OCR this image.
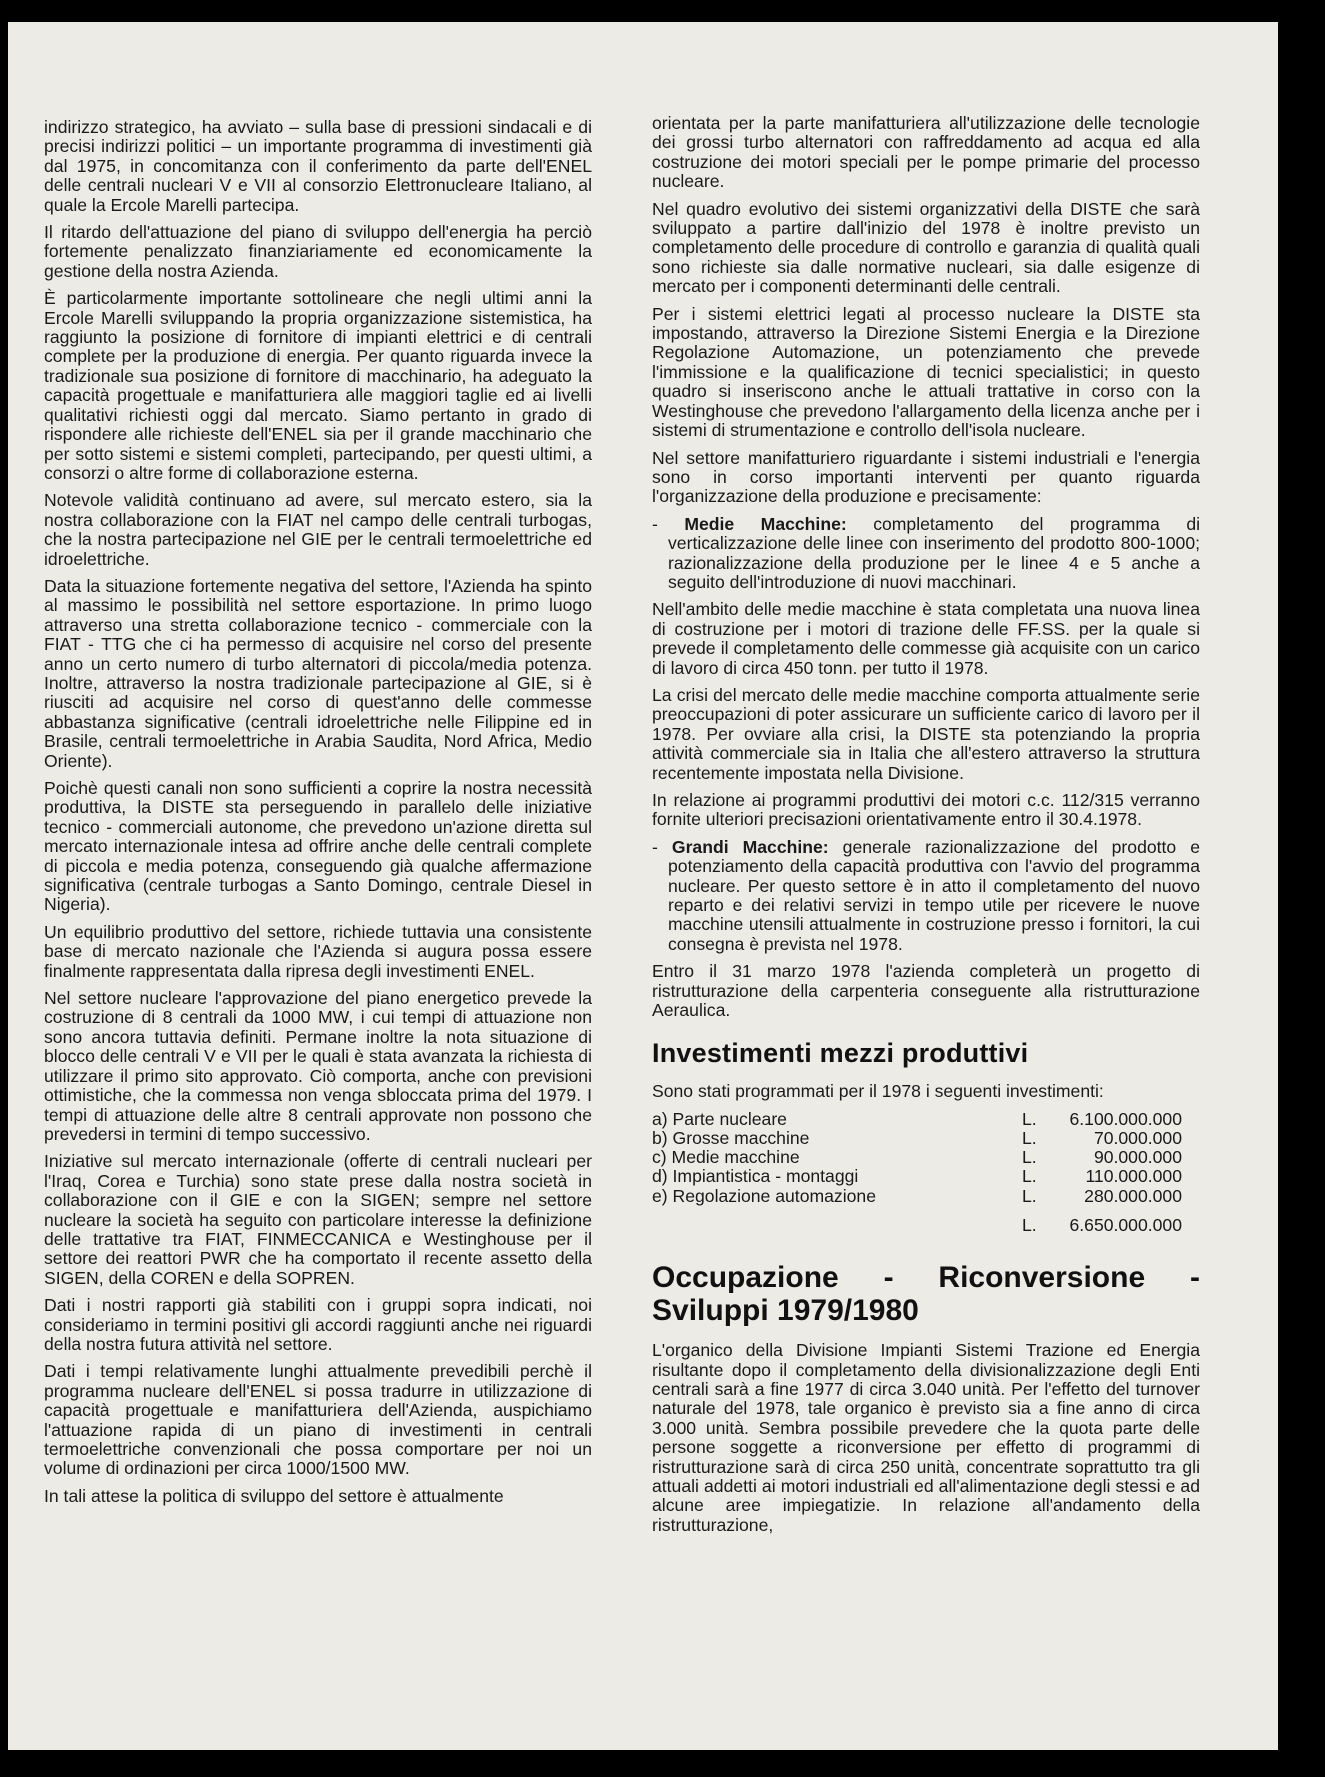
indirizzo strategico, ha avviato – sulla base di pressioni sindacali e di precisi indirizzi politici – un importante programma di investimenti già dal 1975, in concomitanza con il conferimento da parte dell'ENEL delle centrali nucleari V e VII al consorzio Elettronucleare Italiano, al quale la Ercole Marelli partecipa.

Il ritardo dell'attuazione del piano di sviluppo dell'energia ha perciò fortemente penalizzato finanziariamente ed economicamente la gestione della nostra Azienda.

È particolarmente importante sottolineare che negli ultimi anni la Ercole Marelli sviluppando la propria organizzazione sistemistica, ha raggiunto la posizione di fornitore di impianti elettrici e di centrali complete per la produzione di energia. Per quanto riguarda invece la tradizionale sua posizione di fornitore di macchinario, ha adeguato la capacità progettuale e manifatturiera alle maggiori taglie ed ai livelli qualitativi richiesti oggi dal mercato. Siamo pertanto in grado di rispondere alle richieste dell'ENEL sia per il grande macchinario che per sotto sistemi e sistemi completi, partecipando, per questi ultimi, a consorzi o altre forme di collaborazione esterna.

Notevole validità continuano ad avere, sul mercato estero, sia la nostra collaborazione con la FIAT nel campo delle centrali turbogas, che la nostra partecipazione nel GIE per le centrali termoelettriche ed idroelettriche.

Data la situazione fortemente negativa del settore, l'Azienda ha spinto al massimo le possibilità nel settore esportazione. In primo luogo attraverso una stretta collaborazione tecnico - commerciale con la FIAT - TTG che ci ha permesso di acquisire nel corso del presente anno un certo numero di turbo alternatori di piccola/media potenza. Inoltre, attraverso la nostra tradizionale partecipazione al GIE, si è riusciti ad acquisire nel corso di quest'anno delle commesse abbastanza significative (centrali idroelettriche nelle Filippine ed in Brasile, centrali termoelettriche in Arabia Saudita, Nord Africa, Medio Oriente).

Poichè questi canali non sono sufficienti a coprire la nostra necessità produttiva, la DISTE sta perseguendo in parallelo delle iniziative tecnico - commerciali autonome, che prevedono un'azione diretta sul mercato internazionale intesa ad offrire anche delle centrali complete di piccola e media potenza, conseguendo già qualche affermazione significativa (centrale turbogas a Santo Domingo, centrale Diesel in Nigeria).

Un equilibrio produttivo del settore, richiede tuttavia una consistente base di mercato nazionale che l'Azienda si augura possa essere finalmente rappresentata dalla ripresa degli investimenti ENEL.

Nel settore nucleare l'approvazione del piano energetico prevede la costruzione di 8 centrali da 1000 MW, i cui tempi di attuazione non sono ancora tuttavia definiti. Permane inoltre la nota situazione di blocco delle centrali V e VII per le quali è stata avanzata la richiesta di utilizzare il primo sito approvato. Ciò comporta, anche con previsioni ottimistiche, che la commessa non venga sbloccata prima del 1979. I tempi di attuazione delle altre 8 centrali approvate non possono che prevedersi in termini di tempo successivo.

Iniziative sul mercato internazionale (offerte di centrali nucleari per l'Iraq, Corea e Turchia) sono state prese dalla nostra società in collaborazione con il GIE e con la SIGEN; sempre nel settore nucleare la società ha seguito con particolare interesse la definizione delle trattative tra FIAT, FINMECCANICA e Westinghouse per il settore dei reattori PWR che ha comportato il recente assetto della SIGEN, della COREN e della SOPREN.

Dati i nostri rapporti già stabiliti con i gruppi sopra indicati, noi consideriamo in termini positivi gli accordi raggiunti anche nei riguardi della nostra futura attività nel settore.

Dati i tempi relativamente lunghi attualmente prevedibili perchè il programma nucleare dell'ENEL si possa tradurre in utilizzazione di capacità progettuale e manifatturiera dell'Azienda, auspichiamo l'attuazione rapida di un piano di investimenti in centrali termoelettriche convenzionali che possa comportare per noi un volume di ordinazioni per circa 1000/1500 MW.

In tali attese la politica di sviluppo del settore è attualmente

orientata per la parte manifatturiera all'utilizzazione delle tecnologie dei grossi turbo alternatori con raffreddamento ad acqua ed alla costruzione dei motori speciali per le pompe primarie del processo nucleare.

Nel quadro evolutivo dei sistemi organizzativi della DISTE che sarà sviluppato a partire dall'inizio del 1978 è inoltre previsto un completamento delle procedure di controllo e garanzia di qualità quali sono richieste sia dalle normative nucleari, sia dalle esigenze di mercato per i componenti determinanti delle centrali.

Per i sistemi elettrici legati al processo nucleare la DISTE sta impostando, attraverso la Direzione Sistemi Energia e la Direzione Regolazione Automazione, un potenziamento che prevede l'immissione e la qualificazione di tecnici specialistici; in questo quadro si inseriscono anche le attuali trattative in corso con la Westinghouse che prevedono l'allargamento della licenza anche per i sistemi di strumentazione e controllo dell'isola nucleare.

Nel settore manifatturiero riguardante i sistemi industriali e l'energia sono in corso importanti interventi per quanto riguarda l'organizzazione della produzione e precisamente:

- Medie Macchine: completamento del programma di verticalizzazione delle linee con inserimento del prodotto 800-1000; razionalizzazione della produzione per le linee 4 e 5 anche a seguito dell'introduzione di nuovi macchinari.

Nell'ambito delle medie macchine è stata completata una nuova linea di costruzione per i motori di trazione delle FF.SS. per la quale si prevede il completamento delle commesse già acquisite con un carico di lavoro di circa 450 tonn. per tutto il 1978.

La crisi del mercato delle medie macchine comporta attualmente serie preoccupazioni di poter assicurare un sufficiente carico di lavoro per il 1978. Per ovviare alla crisi, la DISTE sta potenziando la propria attività commerciale sia in Italia che all'estero attraverso la struttura recentemente impostata nella Divisione.

In relazione ai programmi produttivi dei motori c.c. 112/315 verranno fornite ulteriori precisazioni orientativamente entro il 30.4.1978.

- Grandi Macchine: generale razionalizzazione del prodotto e potenziamento della capacità produttiva con l'avvio del programma nucleare. Per questo settore è in atto il completamento del nuovo reparto e dei relativi servizi in tempo utile per ricevere le nuove macchine utensili attualmente in costruzione presso i fornitori, la cui consegna è prevista nel 1978.

Entro il 31 marzo 1978 l'azienda completerà un progetto di ristrutturazione della carpenteria conseguente alla ristrutturazione Aeraulica.

Investimenti mezzi produttivi

Sono stati programmati per il 1978 i seguenti investimenti:

a) Parte nucleare	L.	6.100.000.000
b) Grosse macchine	L.	70.000.000
c) Medie macchine	L.	90.000.000
d) Impiantistica - montaggi	L.	110.000.000
e) Regolazione automazione	L.	280.000.000
	L.	6.650.000.000
Occupazione - Riconversione - Sviluppi 1979/1980

L'organico della Divisione Impianti Sistemi Trazione ed Energia risultante dopo il completamento della divisionalizzazione degli Enti centrali sarà a fine 1977 di circa 3.040 unità. Per l'effetto del turnover naturale del 1978, tale organico è previsto sia a fine anno di circa 3.000 unità. Sembra possibile prevedere che la quota parte delle persone soggette a riconversione per effetto di programmi di ristrutturazione sarà di circa 250 unità, concentrate soprattutto tra gli attuali addetti ai motori industriali ed all'alimentazione degli stessi e ad alcune aree impiegatizie. In relazione all'andamento della ristrutturazione,
